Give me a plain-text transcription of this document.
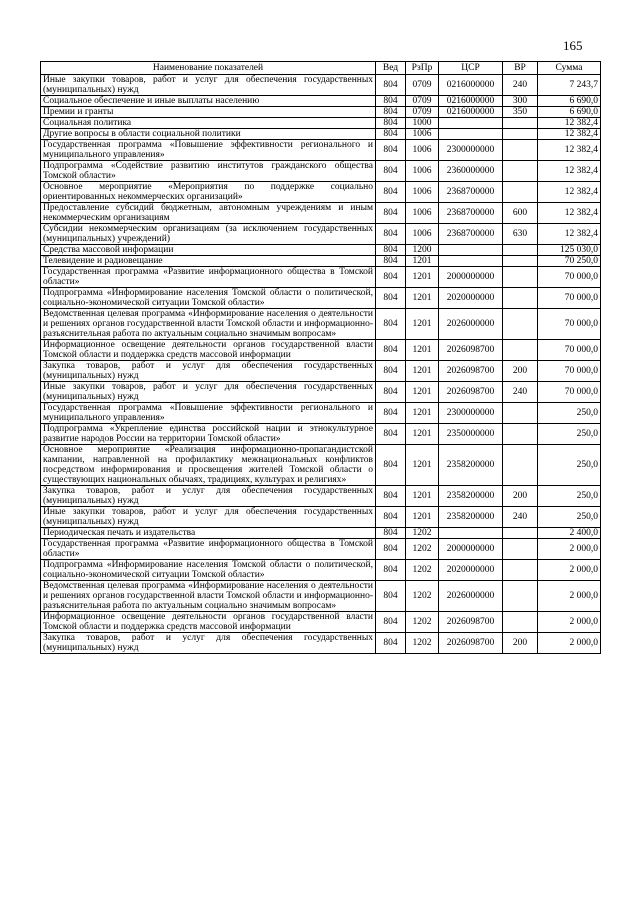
165
Наименование показателей	Вед	РзПр	ЦСР	ВР	Сумма
Иные закупки товаров, работ и услуг для обеспечения государственных (муниципальных) нужд	804	0709	0216000000	240	7 243,7
Социальное обеспечение и иные выплаты населению	804	0709	0216000000	300	6 690,0
Премии и гранты	804	0709	0216000000	350	6 690,0
Социальная политика	804	1000			12 382,4
Другие вопросы в области социальной политики	804	1006			12 382,4
Государственная программа «Повышение эффективности регионального и муниципального управления»	804	1006	2300000000		12 382,4
Подпрограмма «Содействие развитию институтов гражданского общества Томской области»	804	1006	2360000000		12 382,4
Основное мероприятие «Мероприятия по поддержке социально ориентированных некоммерческих организаций»	804	1006	2368700000		12 382,4
Предоставление субсидий бюджетным, автономным учреждениям и иным некоммерческим организациям	804	1006	2368700000	600	12 382,4
Субсидии некоммерческим организациям (за исключением государственных (муниципальных) учреждений)	804	1006	2368700000	630	12 382,4
Средства массовой информации	804	1200			125 030,0
Телевидение и радиовещание	804	1201			70 250,0
Государственная программа «Развитие информационного общества в Томской области»	804	1201	2000000000		70 000,0
Подпрограмма «Информирование населения Томской области о политической, социально-экономической ситуации Томской области»	804	1201	2020000000		70 000,0
Ведомственная целевая программа «Информирование населения о деятельности и решениях органов государственной власти Томской области и информационно-разъяснительная работа по актуальным социально значимым вопросам»	804	1201	2026000000		70 000,0
Информационное освещение деятельности органов государственной власти Томской области и поддержка средств массовой информации	804	1201	2026098700		70 000,0
Закупка товаров, работ и услуг для обеспечения государственных (муниципальных) нужд	804	1201	2026098700	200	70 000,0
Иные закупки товаров, работ и услуг для обеспечения государственных (муниципальных) нужд	804	1201	2026098700	240	70 000,0
Государственная программа «Повышение эффективности регионального и муниципального управления»	804	1201	2300000000		250,0
Подпрограмма «Укрепление единства российской нации и этнокультурное развитие народов России на территории Томской области»	804	1201	2350000000		250,0
Основное мероприятие «Реализация информационно-пропагандистской кампании, направленной на профилактику межнациональных конфликтов посредством информирования и просвещения жителей Томской области о существующих национальных обычаях, традициях, культурах и религиях»	804	1201	2358200000		250,0
Закупка товаров, работ и услуг для обеспечения государственных (муниципальных) нужд	804	1201	2358200000	200	250,0
Иные закупки товаров, работ и услуг для обеспечения государственных (муниципальных) нужд	804	1201	2358200000	240	250,0
Периодическая печать и издательства	804	1202			2 400,0
Государственная программа «Развитие информационного общества в Томской области»	804	1202	2000000000		2 000,0
Подпрограмма «Информирование населения Томской области о политической, социально-экономической ситуации Томской области»	804	1202	2020000000		2 000,0
Ведомственная целевая программа «Информирование населения о деятельности и решениях органов государственной власти Томской области и информационно-разъяснительная работа по актуальным социально значимым вопросам»	804	1202	2026000000		2 000,0
Информационное освещение деятельности органов государственной власти Томской области и поддержка средств массовой информации	804	1202	2026098700		2 000,0
Закупка товаров, работ и услуг для обеспечения государственных (муниципальных) нужд	804	1202	2026098700	200	2 000,0
